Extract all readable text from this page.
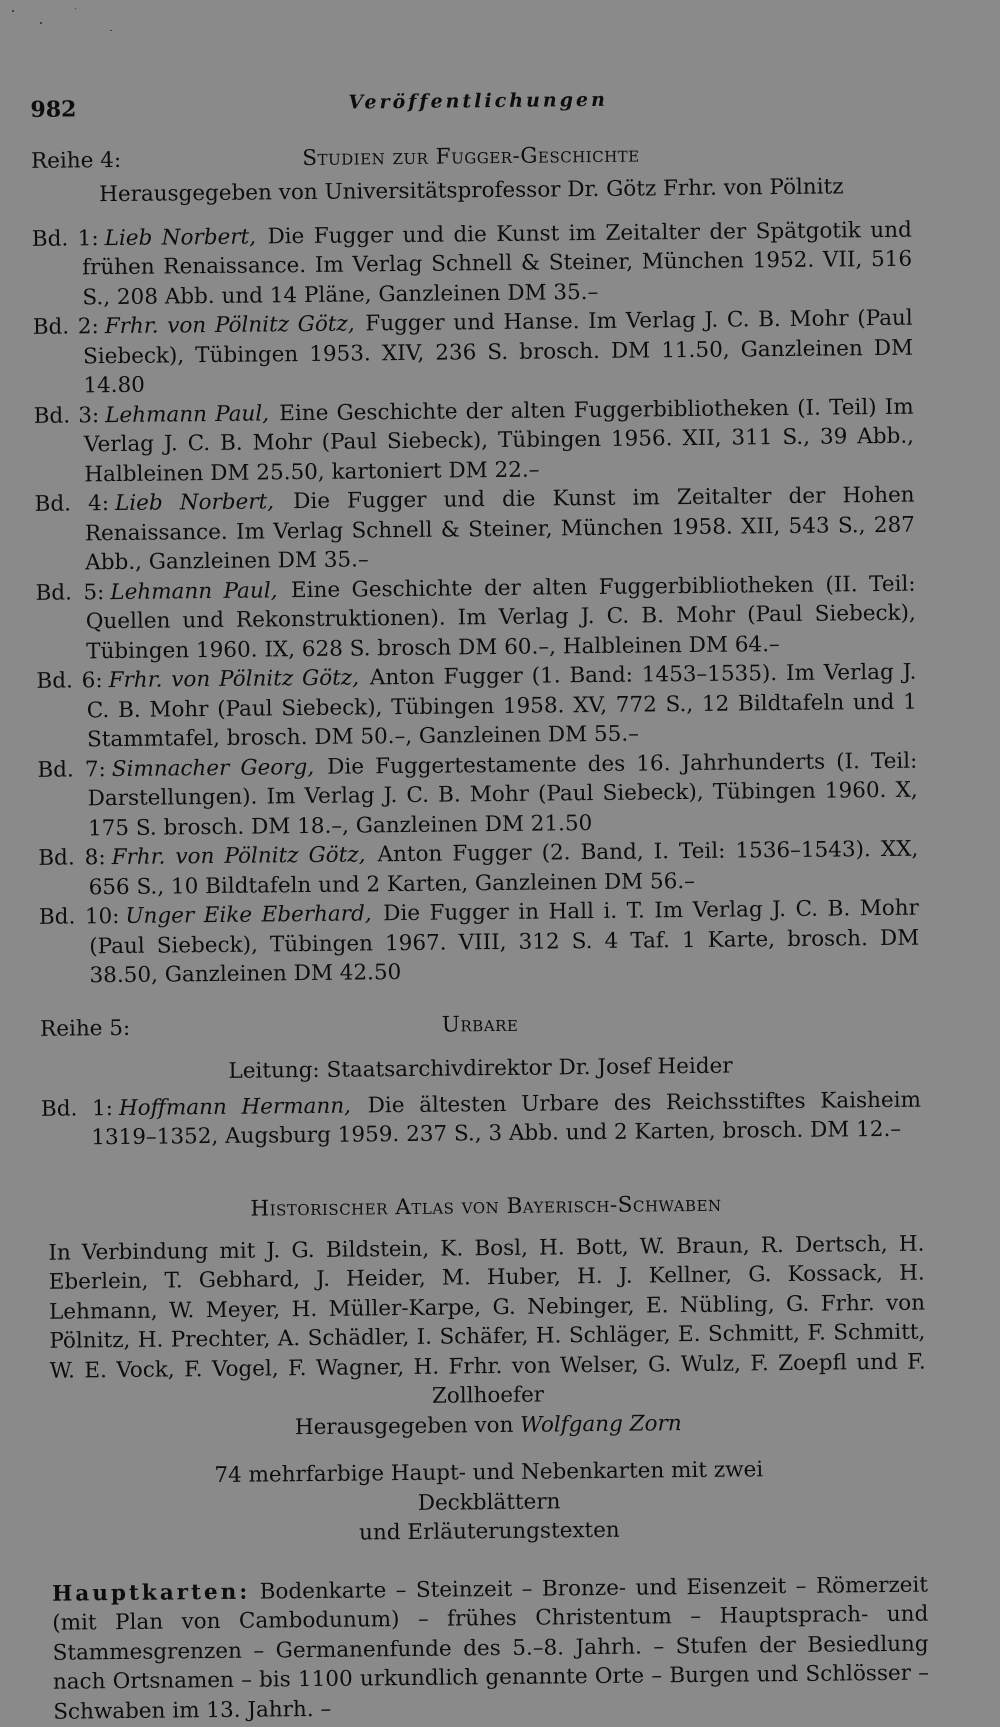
982	Veröffentlichungen
Reihe 4:	Studien zur Fugger-Geschichte
Herausgegeben von Universitätsprofessor Dr. Götz Frhr. von Pölnitz

Bd. 1: Lieb Norbert, Die Fugger und die Kunst im Zeitalter der Spätgotik und frühen Renaissance. Im Verlag Schnell & Steiner, München 1952. VII, 516 S., 208 Abb. und 14 Pläne, Ganzleinen DM 35.–

Bd. 2: Frhr. von Pölnitz Götz, Fugger und Hanse. Im Verlag J. C. B. Mohr (Paul Siebeck), Tübingen 1953. XIV, 236 S. brosch. DM 11.50, Ganzleinen DM 14.80

Bd. 3: Lehmann Paul, Eine Geschichte der alten Fuggerbibliotheken (I. Teil) Im Verlag J. C. B. Mohr (Paul Siebeck), Tübingen 1956. XII, 311 S., 39 Abb., Halbleinen DM 25.50, kartoniert DM 22.–

Bd. 4: Lieb Norbert, Die Fugger und die Kunst im Zeitalter der Hohen Renaissance. Im Verlag Schnell & Steiner, München 1958. XII, 543 S., 287 Abb., Ganzleinen DM 35.–

Bd. 5: Lehmann Paul, Eine Geschichte der alten Fuggerbibliotheken (II. Teil: Quellen und Rekonstruktionen). Im Verlag J. C. B. Mohr (Paul Siebeck), Tübingen 1960. IX, 628 S. brosch DM 60.–, Halbleinen DM 64.–

Bd. 6: Frhr. von Pölnitz Götz, Anton Fugger (1. Band: 1453–1535). Im Verlag J. C. B. Mohr (Paul Siebeck), Tübingen 1958. XV, 772 S., 12 Bildtafeln und 1 Stammtafel, brosch. DM 50.–, Ganzleinen DM 55.–

Bd. 7: Simnacher Georg, Die Fuggertestamente des 16. Jahrhunderts (I. Teil: Darstellungen). Im Verlag J. C. B. Mohr (Paul Siebeck), Tübingen 1960. X, 175 S. brosch. DM 18.–, Ganzleinen DM 21.50

Bd. 8: Frhr. von Pölnitz Götz, Anton Fugger (2. Band, I. Teil: 1536–1543). XX, 656 S., 10 Bildtafeln und 2 Karten, Ganzleinen DM 56.–

Bd. 10: Unger Eike Eberhard, Die Fugger in Hall i. T. Im Verlag J. C. B. Mohr (Paul Siebeck), Tübingen 1967. VIII, 312 S. 4 Taf. 1 Karte, brosch. DM 38.50, Ganzleinen DM 42.50

Reihe 5:	Urbare
Leitung: Staatsarchivdirektor Dr. Josef Heider

Bd. 1: Hoffmann Hermann, Die ältesten Urbare des Reichsstiftes Kaisheim 1319–1352, Augsburg 1959. 237 S., 3 Abb. und 2 Karten, brosch. DM 12.–

Historischer Atlas von Bayerisch-Schwaben
In Verbindung mit J. G. Bildstein, K. Bosl, H. Bott, W. Braun, R. Dertsch, H. Eberlein, T. Gebhard, J. Heider, M. Huber, H. J. Kellner, G. Kossack, H. Lehmann, W. Meyer, H. Müller-Karpe, G. Nebinger, E. Nübling, G. Frhr. von Pölnitz, H. Prechter, A. Schädler, I. Schäfer, H. Schläger, E. Schmitt, F. Schmitt, W. E. Vock, F. Vogel, F. Wagner, H. Frhr. von Welser, G. Wulz, F. Zoepfl und F. Zollhoefer
Herausgegeben von Wolfgang Zorn
74 mehrfarbige Haupt- und Nebenkarten mit zwei Deckblättern
und Erläuterungstexten
Hauptkarten: Bodenkarte – Steinzeit – Bronze- und Eisenzeit – Römerzeit (mit Plan von Cambodunum) – frühes Christentum – Hauptsprach- und Stammesgrenzen – Germanenfunde des 5.–8. Jahrh. – Stufen der Besiedlung nach Ortsnamen – bis 1100 urkundlich genannte Orte – Burgen und Schlösser – Schwaben im 13. Jahrh. –
